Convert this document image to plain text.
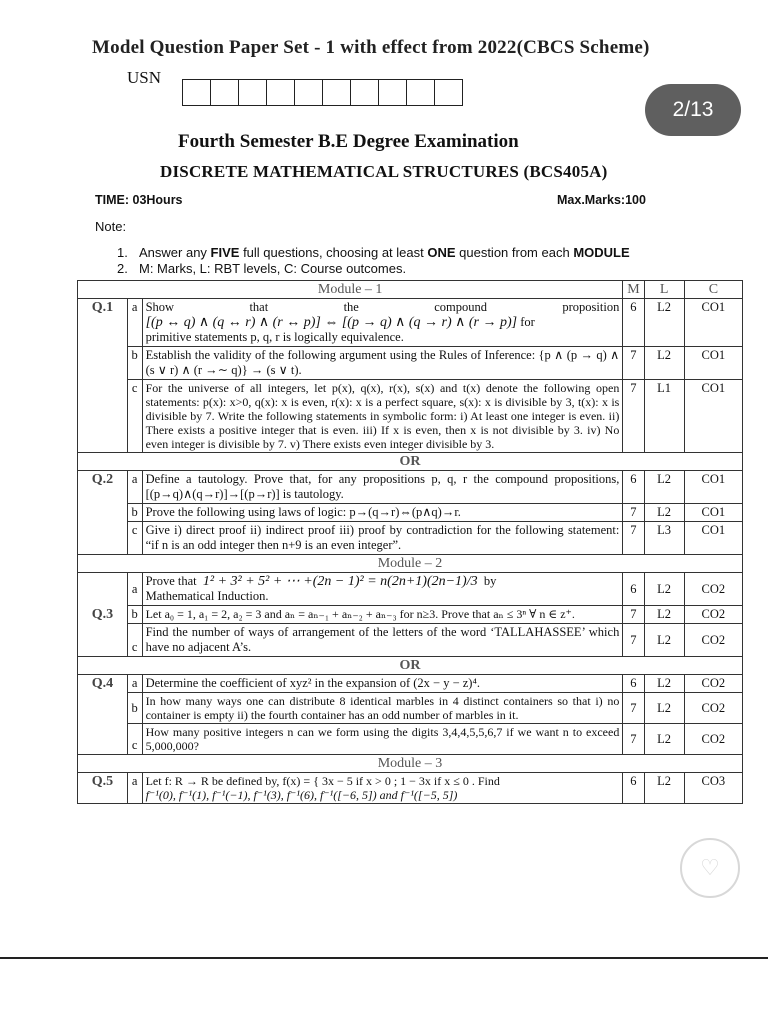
Model Question Paper Set - 1 with effect from 2022(CBCS Scheme)
USN
2/13
Fourth Semester B.E Degree Examination
DISCRETE MATHEMATICAL STRUCTURES (BCS405A)
TIME: 03Hours	Max.Marks:100
Note:
1. Answer any FIVE full questions, choosing at least ONE question from each MODULE
2. M: Marks, L: RBT levels, C: Course outcomes.
Module – 1			M	L	C
Q.1	a	Show that the compound proposition
[(p ↔ q) ∧ (q ↔ r) ∧ (r ↔ p)] ⇔ [(p → q) ∧ (q → r) ∧ (r → p)] for
primitive statements p, q, r is logically equivalence.	6	L2	CO1
	b	Establish the validity of the following argument using the Rules of Inference: {p ∧ (p → q) ∧ (s ∨ r) ∧ (r →∼ q)} → (s ∨ t).	7	L2	CO1
	c	For the universe of all integers, let p(x), q(x), r(x), s(x) and t(x) denote the following open statements: p(x): x>0, q(x): x is even, r(x): x is a perfect square, s(x): x is divisible by 3, t(x): x is divisible by 7. Write the following statements in symbolic form: i) At least one integer is even. ii) There exists a positive integer that is even. iii) If x is even, then x is not divisible by 3. iv) No even integer is divisible by 7. v) There exists even integer divisible by 3.	7	L1	CO1
OR					
Q.2	a	Define a tautology. Prove that, for any propositions p, q, r the compound propositions, [(p→q)∧(q→r)]→[(p→r)] is tautology.	6	L2	CO1
	b	Prove the following using laws of logic: p→(q→r)⇔(p∧q)→r.	7	L2	CO1
	c	Give i) direct proof ii) indirect proof iii) proof by contradiction for the following statement: “if n is an odd integer then n+9 is an even integer”.	7	L3	CO1
Module – 2					
Q.3	a	Prove that 1² + 3² + 5² + ⋯ +(2n − 1)² = n(2n+1)(2n−1)/3 by
Mathematical Induction.	6	L2	CO2
	b	Let a₀ = 1, a₁ = 2, a₂ = 3 and aₙ = aₙ₋₁ + aₙ₋₂ + aₙ₋₃ for n≥3. Prove that aₙ ≤ 3ⁿ ∀ n ∈ z⁺.	7	L2	CO2
	c	Find the number of ways of arrangement of the letters of the word ‘TALLAHASSEE’ which have no adjacent A’s.	7	L2	CO2
OR					
Q.4	a	Determine the coefficient of xyz² in the expansion of (2x − y − z)⁴.	6	L2	CO2
	b	In how many ways one can distribute 8 identical marbles in 4 distinct containers so that i) no container is empty ii) the fourth container has an odd number of marbles in it.	7	L2	CO2
	c	How many positive integers n can we form using the digits 3,4,4,5,5,6,7 if we want n to exceed 5,000,000?	7	L2	CO2
Module – 3					
Q.5	a	Let f: R → R be defined by, f(x) = { 3x − 5 if x > 0 ; 1 − 3x if x ≤ 0 . Find
f⁻¹(0), f⁻¹(1), f⁻¹(−1), f⁻¹(3), f⁻¹(6), f⁻¹([−6, 5]) and f⁻¹([−5, 5])	6	L2	CO3
♡
